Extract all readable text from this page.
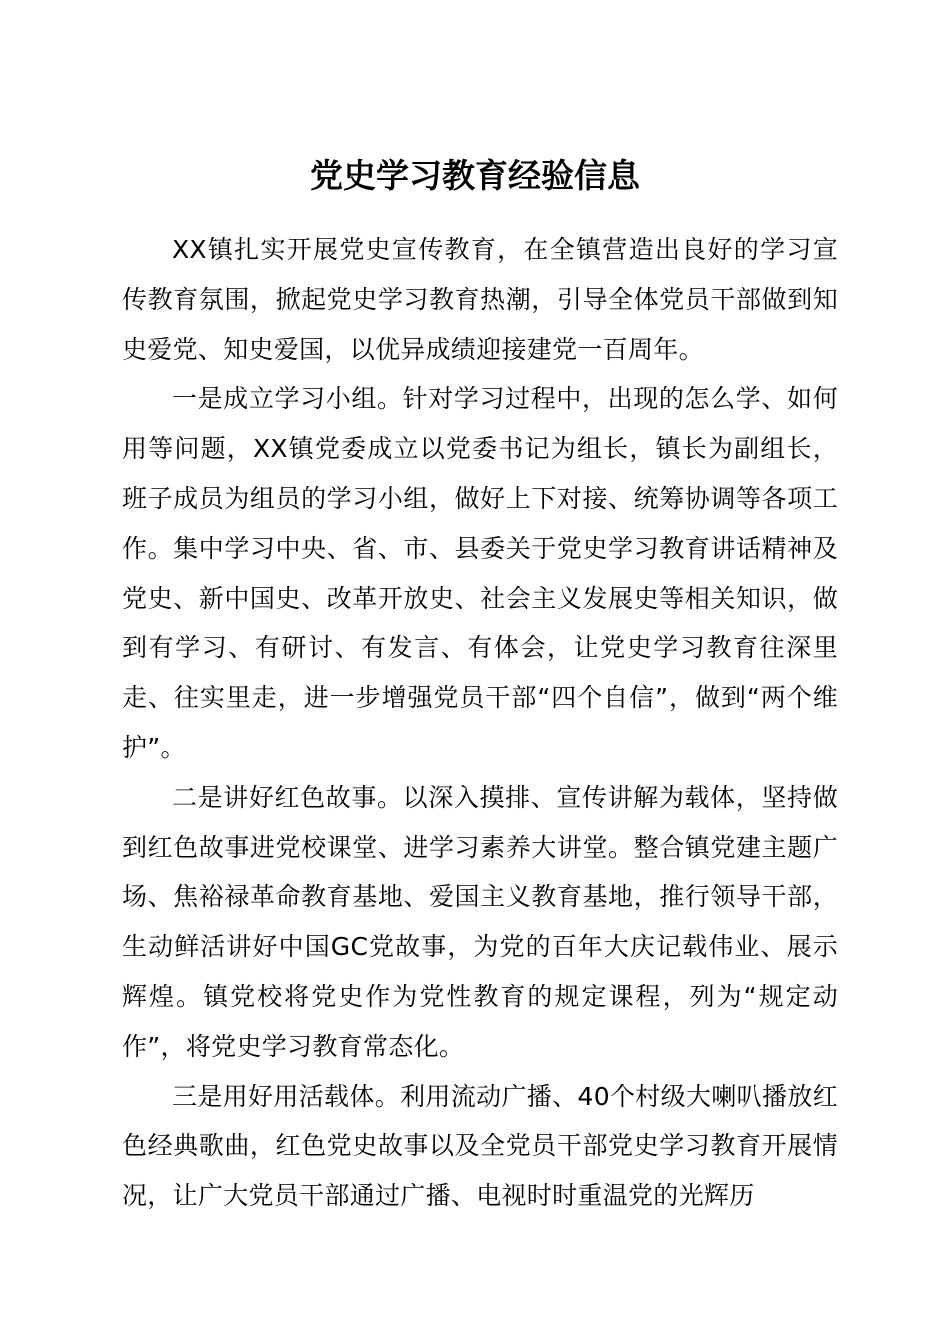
党史学习教育经验信息

XX镇扎实开展党史宣传教育，在全镇营造出良好的学习宣传教育氛围，掀起党史学习教育热潮，引导全体党员干部做到知史爱党、知史爱国，以优异成绩迎接建党一百周年。

一是成立学习小组。针对学习过程中，出现的怎么学、如何用等问题，XX镇党委成立以党委书记为组长，镇长为副组长，班子成员为组员的学习小组，做好上下对接、统筹协调等各项工作。集中学习中央、省、市、县委关于党史学习教育讲话精神及党史、新中国史、改革开放史、社会主义发展史等相关知识，做到有学习、有研讨、有发言、有体会，让党史学习教育往深里走、往实里走，进一步增强党员干部“四个自信”，做到“两个维护”。

二是讲好红色故事。以深入摸排、宣传讲解为载体，坚持做到红色故事进党校课堂、进学习素养大讲堂。整合镇党建主题广场、焦裕禄革命教育基地、爱国主义教育基地，推行领导干部，生动鲜活讲好中国GC党故事，为党的百年大庆记载伟业、展示辉煌。镇党校将党史作为党性教育的规定课程，列为“规定动作”，将党史学习教育常态化。

三是用好用活载体。利用流动广播、40个村级大喇叭播放红色经典歌曲，红色党史故事以及全党员干部党史学习教育开展情况，让广大党员干部通过广播、电视时时重温党的光辉历
